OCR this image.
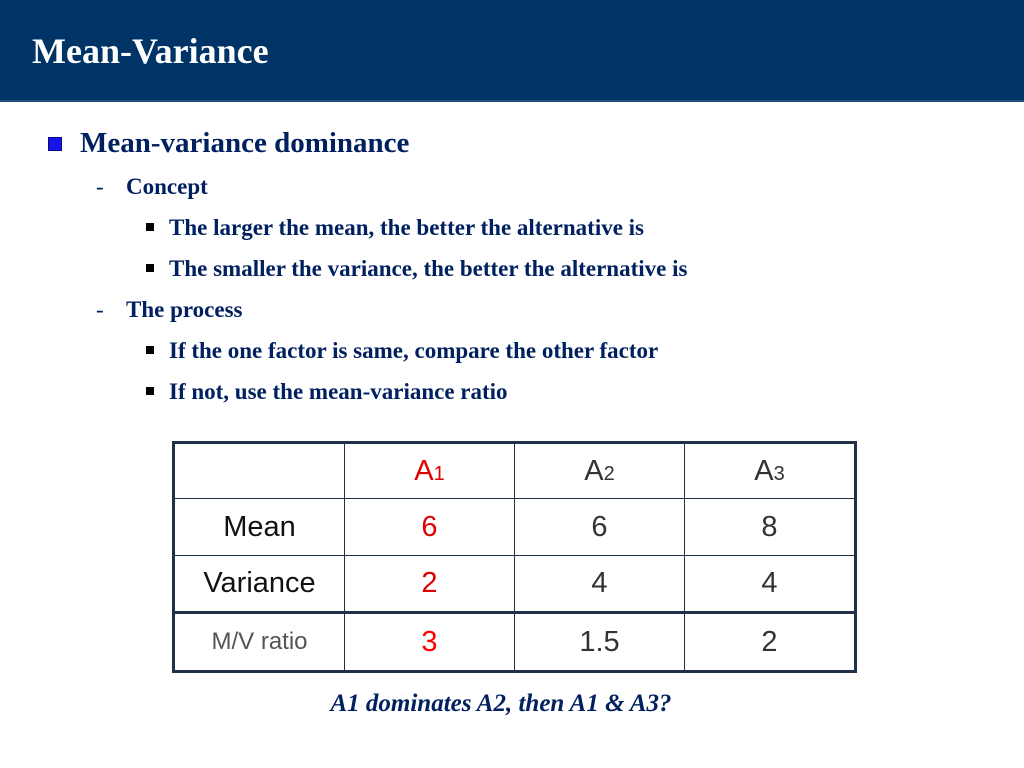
Mean-Variance
Mean-variance dominance
- Concept
The larger the mean, the better the alternative is
The smaller the variance, the better the alternative is
- The process
If the one factor is same, compare the other factor
If not, use the mean-variance ratio
	A1	A2	A3
Mean	6	6	8
Variance	2	4	4
M/V ratio	3	1.5	2
A1 dominates A2, then A1 & A3?
